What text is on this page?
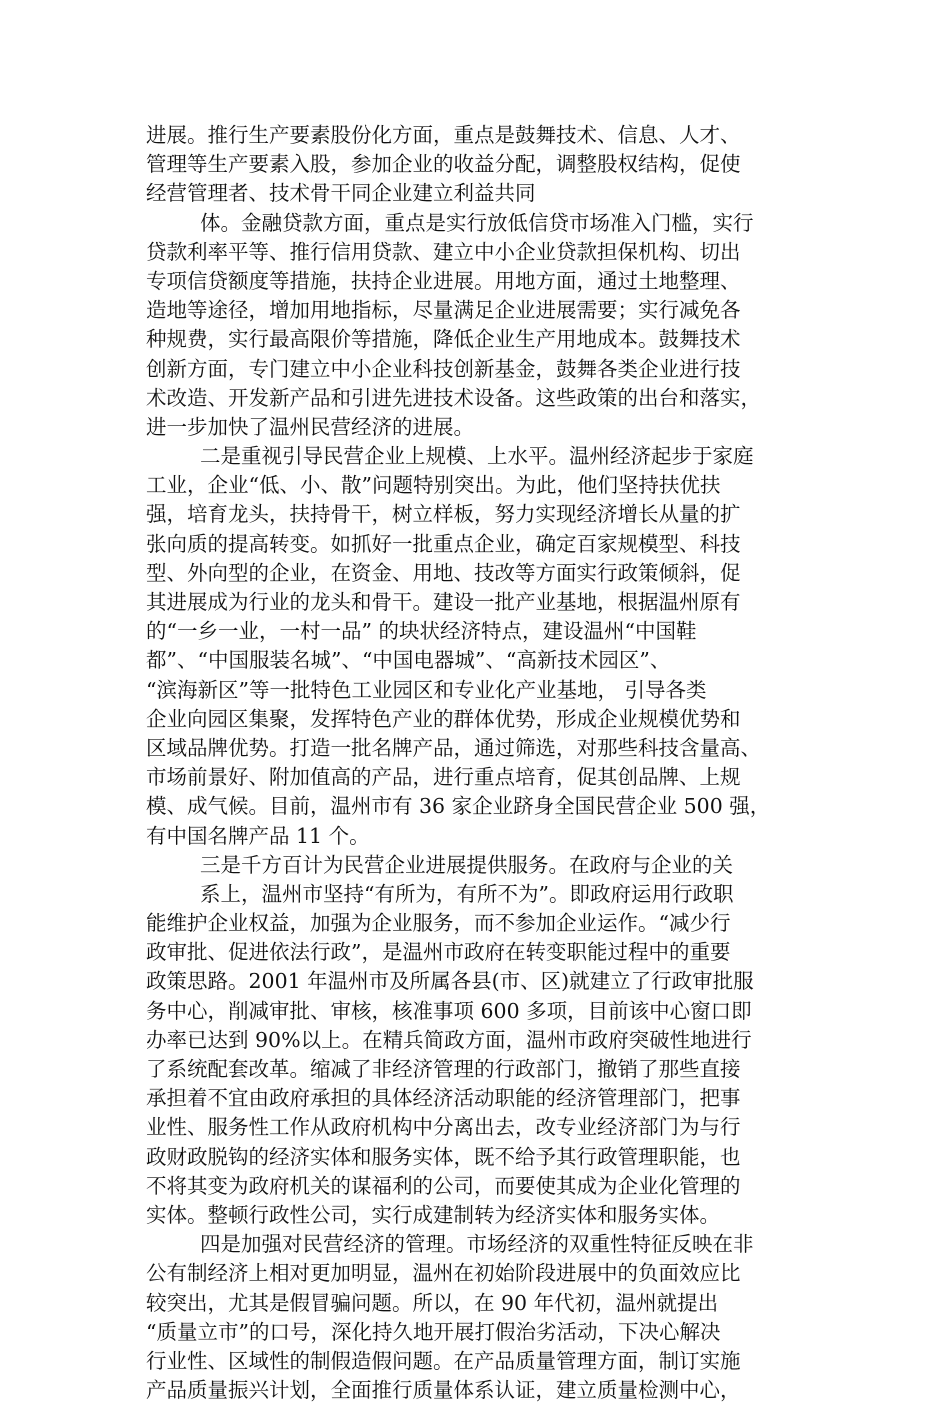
进展。推行生产要素股份化方面，重点是鼓舞技术、信息、人才、
管理等生产要素入股，参加企业的收益分配，调整股权结构，促使
经营管理者、技术骨干同企业建立利益共同
体。金融贷款方面，重点是实行放低信贷市场准入门槛，实行
贷款利率平等、推行信用贷款、建立中小企业贷款担保机构、切出
专项信贷额度等措施，扶持企业进展。用地方面，通过土地整理、
造地等途径，增加用地指标，尽量满足企业进展需要；实行减免各
种规费，实行最高限价等措施，降低企业生产用地成本。鼓舞技术
创新方面，专门建立中小企业科技创新基金，鼓舞各类企业进行技
术改造、开发新产品和引进先进技术设备。这些政策的出台和落实，
进一步加快了温州民营经济的进展。
二是重视引导民营企业上规模、上水平。温州经济起步于家庭
工业，企业“低、小、散”问题特别突出。为此，他们坚持扶优扶
强，培育龙头，扶持骨干，树立样板，努力实现经济增长从量的扩
张向质的提高转变。如抓好一批重点企业，确定百家规模型、科技
型、外向型的企业，在资金、用地、技改等方面实行政策倾斜，促
其进展成为行业的龙头和骨干。建设一批产业基地，根据温州原有
的“一乡一业，一村一品” 的块状经济特点，建设温州“中国鞋
都”、“中国服装名城”、“中国电器城”、“高新技术园区”、
“滨海新区”等一批特色工业园区和专业化产业基地， 引导各类
企业向园区集聚，发挥特色产业的群体优势，形成企业规模优势和
区域品牌优势。打造一批名牌产品，通过筛选，对那些科技含量高、
市场前景好、附加值高的产品，进行重点培育，促其创品牌、上规
模、成气候。目前，温州市有 36 家企业跻身全国民营企业 500 强，
有中国名牌产品 11 个。
三是千方百计为民营企业进展提供服务。在政府与企业的关
系上，温州市坚持“有所为，有所不为”。即政府运用行政职
能维护企业权益，加强为企业服务，而不参加企业运作。“减少行
政审批、促进依法行政”，是温州市政府在转变职能过程中的重要
政策思路。2001 年温州市及所属各县(市、区)就建立了行政审批服
务中心，削减审批、审核，核准事项 600 多项，目前该中心窗口即
办率已达到 90%以上。在精兵简政方面，温州市政府突破性地进行
了系统配套改革。缩减了非经济管理的行政部门，撤销了那些直接
承担着不宜由政府承担的具体经济活动职能的经济管理部门，把事
业性、服务性工作从政府机构中分离出去，改专业经济部门为与行
政财政脱钩的经济实体和服务实体，既不给予其行政管理职能，也
不将其变为政府机关的谋福利的公司，而要使其成为企业化管理的
实体。整顿行政性公司，实行成建制转为经济实体和服务实体。
四是加强对民营经济的管理。市场经济的双重性特征反映在非
公有制经济上相对更加明显，温州在初始阶段进展中的负面效应比
较突出，尤其是假冒骗问题。所以，在 90 年代初，温州就提出
“质量立市”的口号，深化持久地开展打假治劣活动，下决心解决
行业性、区域性的制假造假问题。在产品质量管理方面，制订实施
产品质量振兴计划，全面推行质量体系认证，建立质量检测中心，
